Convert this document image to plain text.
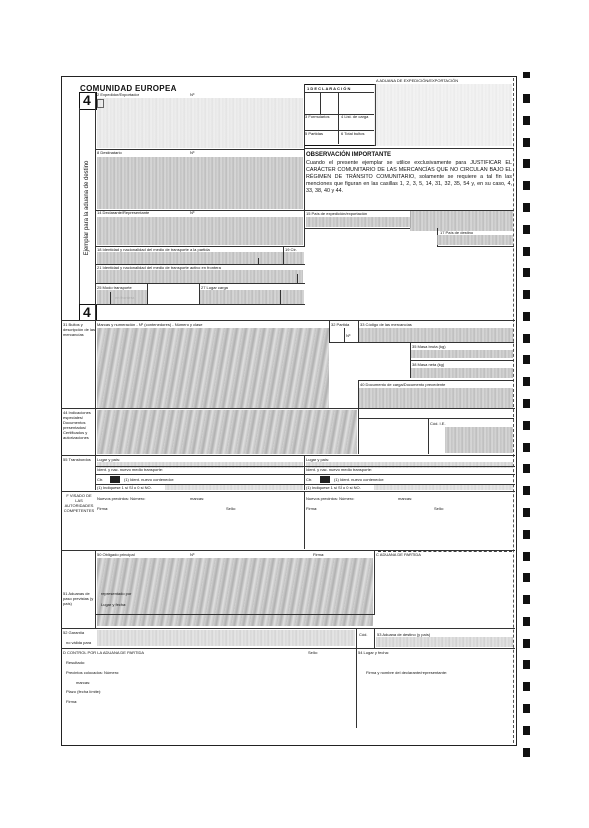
A ADUANA DE EXPEDICIÓN/EXPORTACIÓN
COMUNIDAD EUROPEA	1 D E C L A R A C I Ó N
4
4
Ejemplar para la aduana de destino
2 Expedidor/Exportador	Nº
3 Formularios	4 List. de carga
5 Partidas	6 Total bultos
8 Destinatario	Nº	OBSERVACIÓN IMPORTANTE
Cuando el presente ejemplar se utilice exclusivamente para JUSTIFICAR EL CARÁCTER COMUNITARIO DE LAS MERCANCÍAS QUE NO CIRCULAN BAJO EL RÉGIMEN DE TRÁNSITO COMUNITARIO, solamente se requiere a tal fin las menciones que figuran en las casillas 1, 2, 3, 5, 14, 31, 32, 35, 54 y, en su caso, 4, 33, 38, 40 y 44.
14 Declarante/Representante	Nº	15 País de expedición/exportación
17 País de destino
18 Identidad y nacionalidad del medio de transporte a la partida	19 Ctr.
21 Identidad y nacionalidad del medio de transporte activo en frontera
25 Modo transporte	27 Lugar carga
31 Bultos y descripción de las mercancías
Marcas y numeración - Nº (contenedores) - Número y clase	32 Partida
Nº
33 Código de las mercancías
35 Masa bruta (kg)
38 Masa neta (kg)
40 Documento de carga/Documento precedente
44 Indicaciones especiales/ Documentos presentados/ Certificados y autorizaciones
Cód. I.E.
55 Transbordos Lugar y país:	Lugar y país:
Ident. y nac. nuevo medio transporte:	Ident. y nac. nuevo medio transporte:
Ctr.	(1) Ident. nuevo contenedor:	Ctr.	(1) Ident. nuevo contenedor:
(1) Indíquese 1 si SÍ o 0 si NO.	(1) Indíquese 1 si SÍ o 0 si NO.
F VISADO DE LAS AUTORIDADES COMPETENTES
Nuevos precintos: Número:	marcas:	Nuevos precintos: Número:	marcas:
Firma:	Sello:	Firma:	Sello:
50 Obligado principal	Nº	Firma:	C ADUANA DE PARTIDA
representado por
Lugar y fecha:
51 Aduanas de paso previstas (y país)
52 Garantía
no válida para
Cód. 53 Aduana de destino (y país)
D CONTROL POR LA ADUANA DE PARTIDA	Sello:	54 Lugar y fecha:
Resultado:
Precintos colocados: Número:
marcas:
Plazo (fecha límite):
Firma:
Firma y nombre del declarante/representante:
